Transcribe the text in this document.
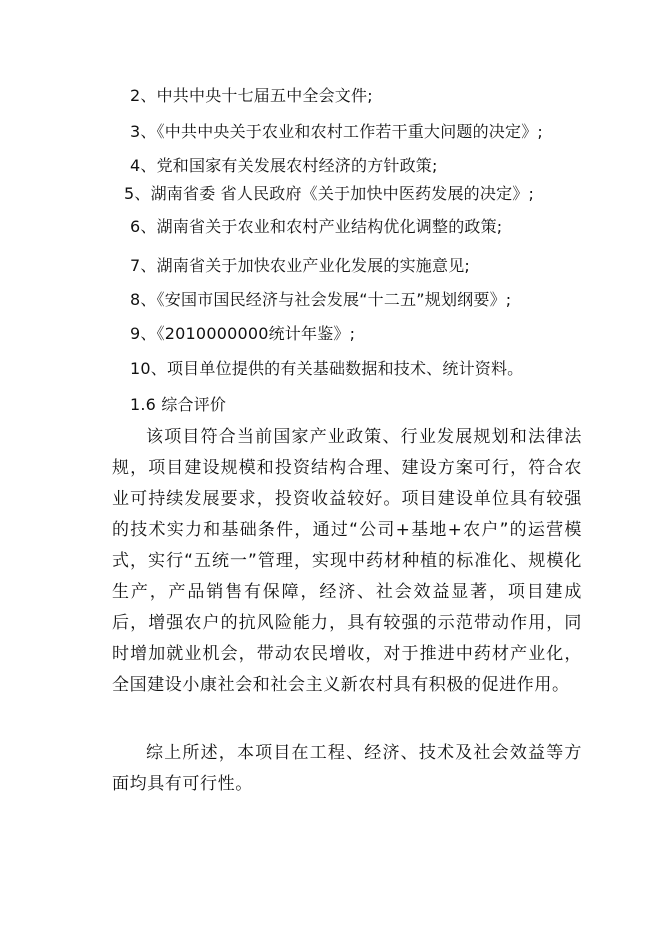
2、中共中央十七届五中全会文件;
3、《中共中央关于农业和农村工作若干重大问题的决定》;
4、党和国家有关发展农村经济的方针政策;
5、湖南省委 省人民政府《关于加快中医药发展的决定》;
6、湖南省关于农业和农村产业结构优化调整的政策;
7、湖南省关于加快农业产业化发展的实施意见;
8、《安国市国民经济与社会发展“十二五”规划纲要》;
9、《2010000000统计年鉴》;
10、项目单位提供的有关基础数据和技术、统计资料。
1.6 综合评价
该项目符合当前国家产业政策、行业发展规划和法律法规，项目建设规模和投资结构合理、建设方案可行，符合农业可持续发展要求，投资收益较好。项目建设单位具有较强的技术实力和基础条件，通过“公司+基地+农户”的运营模式，实行“五统一”管理，实现中药材种植的标准化、规模化生产，产品销售有保障，经济、社会效益显著，项目建成后，增强农户的抗风险能力，具有较强的示范带动作用，同时增加就业机会，带动农民增收，对于推进中药材产业化，全国建设小康社会和社会主义新农村具有积极的促进作用。
综上所述，本项目在工程、经济、技术及社会效益等方面均具有可行性。
